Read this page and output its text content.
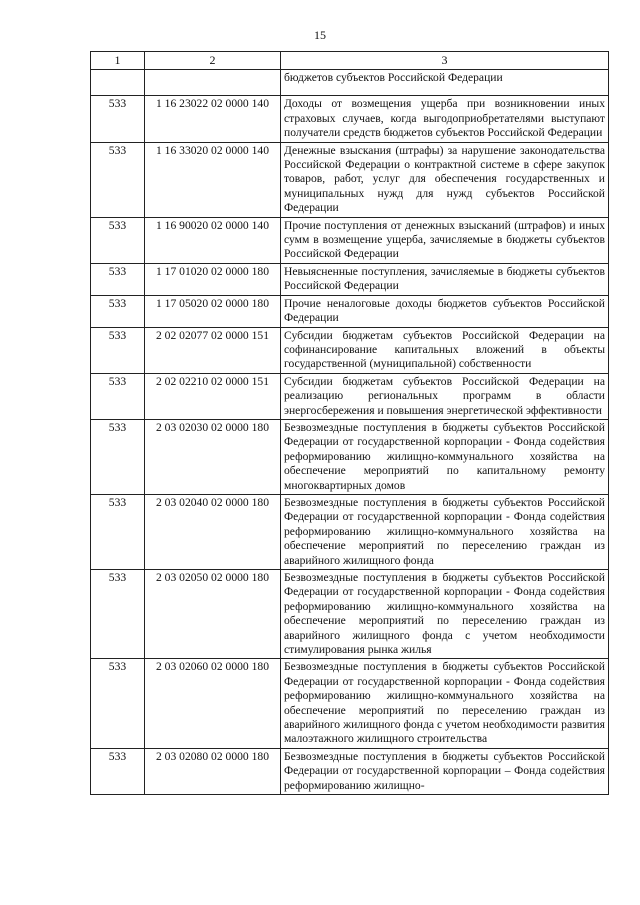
15
1	2	3
		бюджетов субъектов Российской Федерации
533	1 16 23022 02 0000 140	Доходы от возмещения ущерба при возникновении иных страховых случаев, когда выгодоприобретателями выступают получатели средств бюджетов субъектов Российской Федерации
533	1 16 33020 02 0000 140	Денежные взыскания (штрафы) за нарушение законодательства Российской Федерации о контрактной системе в сфере закупок товаров, работ, услуг для обеспечения государственных и муниципальных нужд для нужд субъектов Российской Федерации
533	1 16 90020 02 0000 140	Прочие поступления от денежных взысканий (штрафов) и иных сумм в возмещение ущерба, зачисляемые в бюджеты субъектов Российской Федерации
533	1 17 01020 02 0000 180	Невыясненные поступления, зачисляемые в бюджеты субъектов Российской Федерации
533	1 17 05020 02 0000 180	Прочие неналоговые доходы бюджетов субъектов Российской Федерации
533	2 02 02077 02 0000 151	Субсидии бюджетам субъектов Российской Федерации на софинансирование капитальных вложений в объекты государственной (муниципальной) собственности
533	2 02 02210 02 0000 151	Субсидии бюджетам субъектов Российской Федерации на реализацию региональных программ в области энергосбережения и повышения энергетической эффективности
533	2 03 02030 02 0000 180	Безвозмездные поступления в бюджеты субъектов Российской Федерации от государственной корпорации - Фонда содействия реформированию жилищно-коммунального хозяйства на обеспечение мероприятий по капитальному ремонту многоквартирных домов
533	2 03 02040 02 0000 180	Безвозмездные поступления в бюджеты субъектов Российской Федерации от государственной корпорации - Фонда содействия реформированию жилищно-коммунального хозяйства на обеспечение мероприятий по переселению граждан из аварийного жилищного фонда
533	2 03 02050 02 0000 180	Безвозмездные поступления в бюджеты субъектов Российской Федерации от государственной корпорации - Фонда содействия реформированию жилищно-коммунального хозяйства на обеспечение мероприятий по переселению граждан из аварийного жилищного фонда с учетом необходимости стимулирования рынка жилья
533	2 03 02060 02 0000 180	Безвозмездные поступления в бюджеты субъектов Российской Федерации от государственной корпорации - Фонда содействия реформированию жилищно-коммунального хозяйства на обеспечение мероприятий по переселению граждан из аварийного жилищного фонда с учетом необходимости развития малоэтажного жилищного строительства
533	2 03 02080 02 0000 180	Безвозмездные поступления в бюджеты субъектов Российской Федерации от государственной корпорации – Фонда содействия реформированию жилищно-
